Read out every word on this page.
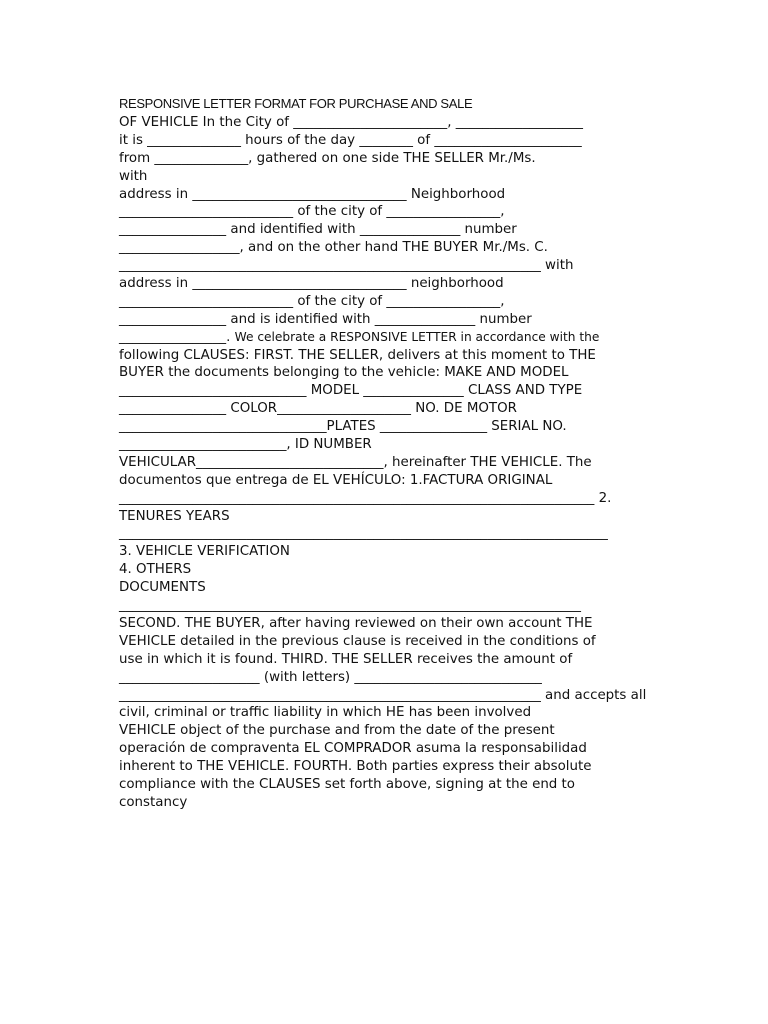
RESPONSIVE LETTER FORMAT FOR PURCHASE AND SALE
OF VEHICLE In the City of _______________________, ___________________
it is ______________ hours of the day ________ of ______________________
from ______________, gathered on one side THE SELLER Mr./Ms.
with
address in ________________________________ Neighborhood
__________________________ of the city of _________________,
________________ and identified with _______________ number
__________________, and on the other hand THE BUYER Mr./Ms. C.
_______________________________________________________________ with
address in ________________________________ neighborhood
__________________________ of the city of _________________,
________________ and is identified with _______________ number
________________. We celebrate a RESPONSIVE LETTER in accordance with the
following CLAUSES: FIRST. THE SELLER, delivers at this moment to THE
BUYER the documents belonging to the vehicle: MAKE AND MODEL
____________________________ MODEL _______________ CLASS AND TYPE
________________ COLOR____________________ NO. DE MOTOR
_______________________________PLATES ________________ SERIAL NO.
_________________________, ID NUMBER
VEHICULAR____________________________, hereinafter THE VEHICLE. The
documentos que entrega de EL VEHÍCULO: 1.FACTURA ORIGINAL
_______________________________________________________________________ 2.
TENURES YEARS
_________________________________________________________________________
3. VEHICLE VERIFICATION
4. OTHERS
DOCUMENTS
_____________________________________________________________________
SECOND. THE BUYER, after having reviewed on their own account THE
VEHICLE detailed in the previous clause is received in the conditions of
use in which it is found. THIRD. THE SELLER receives the amount of
_____________________ (with letters) ____________________________
_______________________________________________________________ and accepts all
civil, criminal or traffic liability in which HE has been involved
VEHICLE object of the purchase and from the date of the present
operación de compraventa EL COMPRADOR asuma la responsabilidad
inherent to THE VEHICLE. FOURTH. Both parties express their absolute
compliance with the CLAUSES set forth above, signing at the end to
constancy
